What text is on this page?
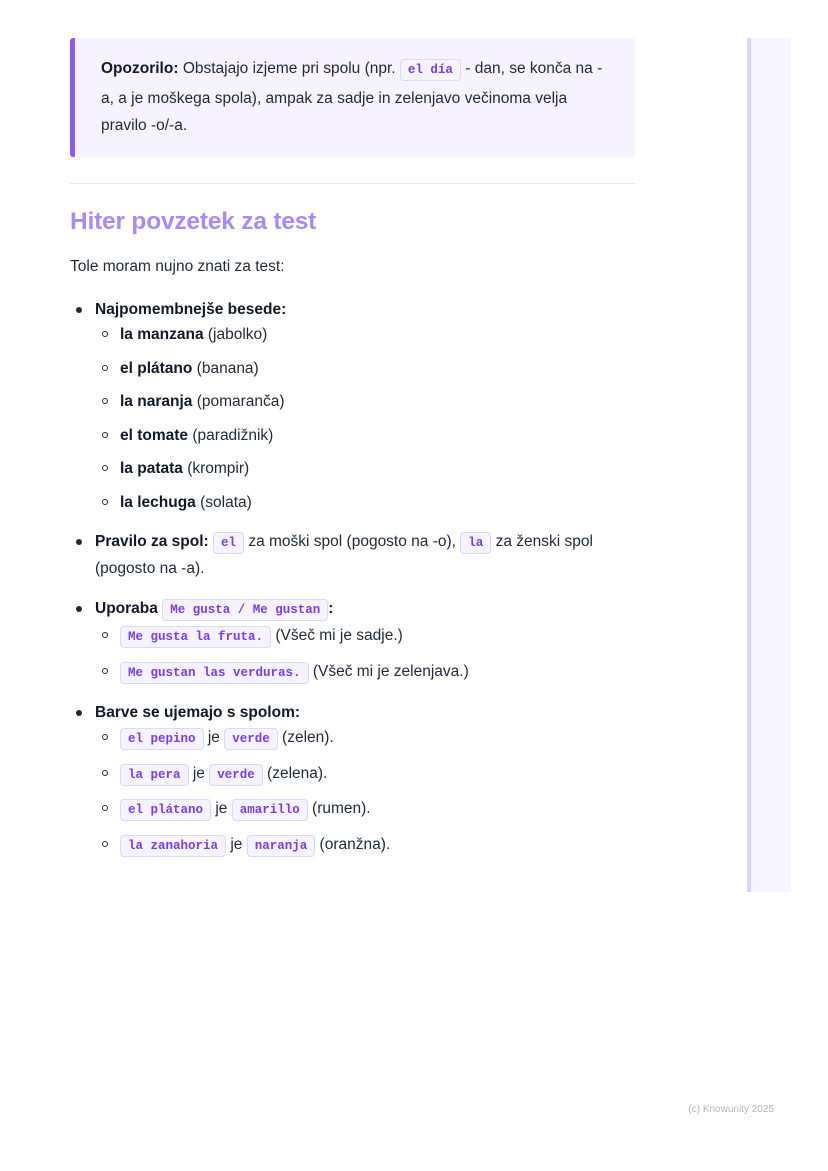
Opozorilo: Obstajajo izjeme pri spolu (npr. el día - dan, se konča na -a, a je moškega spola), ampak za sadje in zelenjavo večinoma velja pravilo -o/-a.
Hiter povzetek za test

Tole moram nujno znati za test:

Najpomembnejše besede:
la manzana (jabolko)
el plátano (banana)
la naranja (pomaranča)
el tomate (paradižnik)
la patata (krompir)
la lechuga (solata)
Pravilo za spol: el za moški spol (pogosto na -o), la za ženski spol (pogosto na -a).
Uporaba Me gusta / Me gustan :
Me gusta la fruta. (Všeč mi je sadje.)
Me gustan las verduras. (Všeč mi je zelenjava.)
Barve se ujemajo s spolom:
el pepino je verde (zelen).
la pera je verde (zelena).
el plátano je amarillo (rumen).
la zanahoria je naranja (oranžna).
(c) Knowunity 2025
